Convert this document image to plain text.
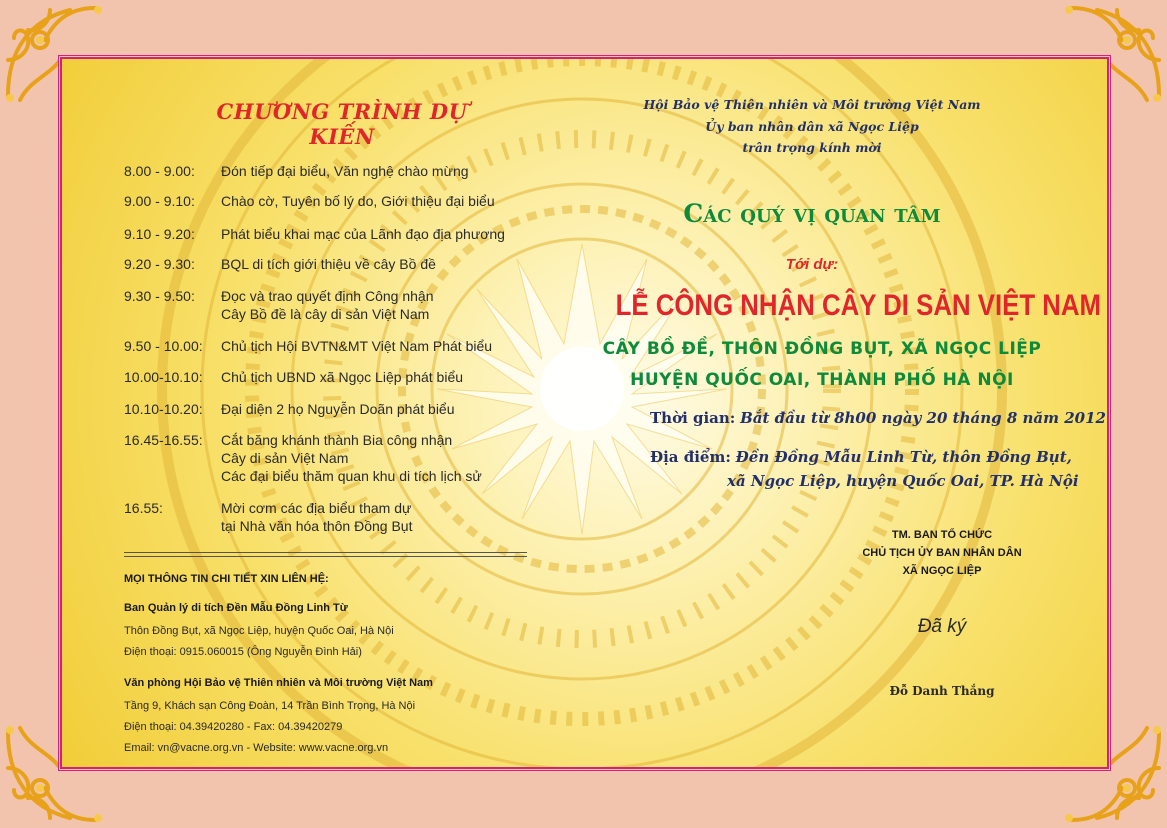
CHƯƠNG TRÌNH DỰ KIẾN
8.00 - 9.00:	Đón tiếp đại biểu, Văn nghệ chào mừng
9.00 - 9.10:	Chào cờ, Tuyên bố lý do, Giới thiệu đại biểu
9.10 - 9.20:	Phát biểu khai mạc của Lãnh đạo địa phương
9.20 - 9.30:	BQL di tích giới thiệu về cây Bồ đề
9.30 - 9.50:	Đọc và trao quyết định Công nhận
Cây Bồ đề là cây di sản Việt Nam
9.50 - 10.00:	Chủ tịch Hội BVTN&MT Việt Nam Phát biểu
10.00-10.10:	Chủ tịch UBND xã Ngọc Liệp phát biểu
10.10-10.20:	Đại diện 2 họ Nguyễn Doãn phát biểu
16.45-16.55:	Cắt băng khánh thành Bia công nhận
Cây di sản Việt Nam
Các đại biểu thăm quan khu di tích lịch sử
16.55:	Mời cơm các địa biểu tham dự
tại Nhà văn hóa thôn Đồng Bụt
MỌI THÔNG TIN CHI TIẾT XIN LIÊN HỆ:
Ban Quản lý di tích Đền Mẫu Đồng Linh Từ
Thôn Đồng Bụt, xã Ngọc Liệp, huyện Quốc Oai, Hà Nội
Điện thoại: 0915.060015 (Ông Nguyễn Đình Hải)
Văn phòng Hội Bảo vệ Thiên nhiên và Môi trường Việt Nam
Tầng 9, Khách sạn Công Đoàn, 14 Trần Bình Trọng, Hà Nội
Điện thoại: 04.39420280 - Fax: 04.39420279
Email: vn@vacne.org.vn - Website: www.vacne.org.vn
Hội Bảo vệ Thiên nhiên và Môi trường Việt Nam
Ủy ban nhân dân xã Ngọc Liệp
trân trọng kính mời
Các quý vị quan tâm
Tới dự:
LỄ CÔNG NHẬN CÂY DI SẢN VIỆT NAM
CÂY BỒ ĐỀ, THÔN ĐỒNG BỤT, XÃ NGỌC LIỆP
HUYỆN QUỐC OAI, THÀNH PHỐ HÀ NỘI
Thời gian: Bắt đầu từ 8h00 ngày 20 tháng 8 năm 2012
Địa điểm: Đền Đồng Mẫu Linh Từ, thôn Đồng Bụt,
xã Ngọc Liệp, huyện Quốc Oai, TP. Hà Nội
TM. BAN TỔ CHỨC
CHỦ TỊCH ỦY BAN NHÂN DÂN
XÃ NGỌC LIỆP
Đã ký
Đỗ Danh Thắng
